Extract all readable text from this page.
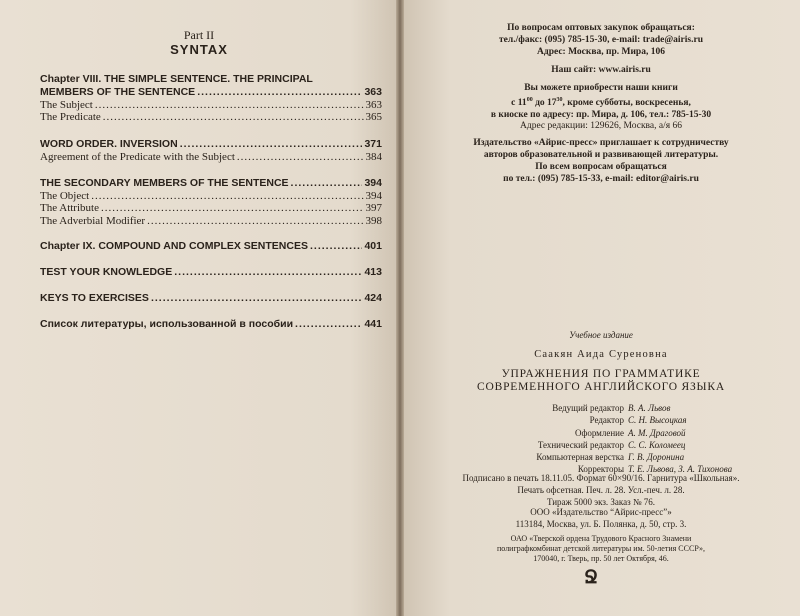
Part II
SYNTAX
Chapter VIII. THE SIMPLE SENTENCE. THE PRINCIPAL
MEMBERS OF THE SENTENCE .....	363
The Subject .....	363
The Predicate .....	365
WORD ORDER. INVERSION .....	371
Agreement of the Predicate with the Subject .....	384
THE SECONDARY MEMBERS OF THE SENTENCE .....	394
The Object .....	394
The Attribute .....	397
The Adverbial Modifier .....	398
Chapter IX. COMPOUND AND COMPLEX SENTENCES .....	401
TEST YOUR KNOWLEDGE .....	413
KEYS TO EXERCISES .....	424
Список литературы, использованной в пособии .....	441
По вопросам оптовых закупок обращаться:
тел./факс: (095) 785-15-30, e-mail: trade@airis.ru
Адрес: Москва, пр. Мира, 106
Наш сайт: www.airis.ru
Вы можете приобрести наши книги
с $11^{00}$ до $17^{30}$, кроме субботы, воскресенья,
в киоске по адресу: пр. Мира, д. 106, тел.: 785-15-30
Адрес редакции: 129626, Москва, а/я 66
Издательство «Айрис-пресс» приглашает к сотрудничеству
авторов образовательной и развивающей литературы.
По всем вопросам обращаться
по тел.: (095) 785-15-33, e-mail: editor@airis.ru
Учебное издание
Саакян Аида Суреновна
УПРАЖНЕНИЯ ПО ГРАММАТИКЕ
СОВРЕМЕННОГО АНГЛИЙСКОГО ЯЗЫКА
Ведущий редактор В. А. Львов
Редактор С. Н. Высоцкая
Оформление А. М. Драговой
Технический редактор С. С. Коломеец
Компьютерная верстка Г. В. Доронина
Корректоры Т. Е. Львова, З. А. Тихонова
Подписано в печать 18.11.05. Формат 60×90/16. Гарнитура «Школьная».
Печать офсетная. Печ. л. 28. Усл.-печ. л. 28.
Тираж 5000 экз. Заказ № 76.
ООО «Издательство “Айрис-пресс”»
113184, Москва, ул. Б. Полянка, д. 50, стр. 3.
ОАО «Тверской ордена Трудового Красного Знамени
полиграфкомбинат детской литературы им. 50-летия СССР»,
170040, г. Тверь, пр. 50 лет Октября, 46.
Ջ
